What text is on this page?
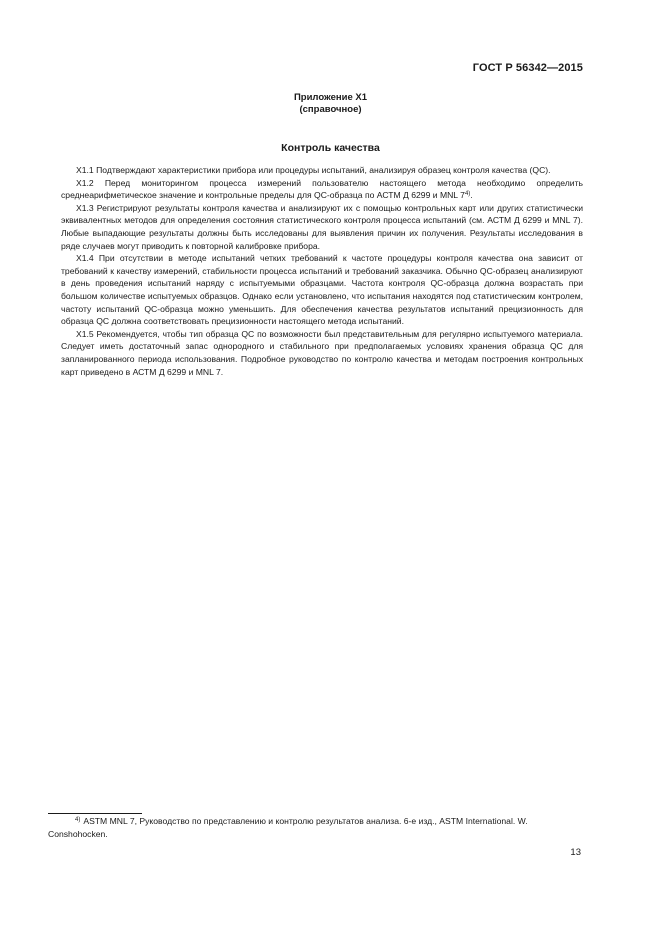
ГОСТ Р 56342—2015
Приложение X1
(справочное)
Контроль качества

X1.1 Подтверждают характеристики прибора или процедуры испытаний, анализируя образец контроля качества (QC).

X1.2 Перед мониторингом процесса измерений пользователю настоящего метода необходимо определить среднеарифметическое значение и контрольные пределы для QC-образца по АСТМ Д 6299 и MNL 7$^{4)}$.

X1.3 Регистрируют результаты контроля качества и анализируют их с помощью контрольных карт или других статистически эквивалентных методов для определения состояния статистического контроля процесса испытаний (см. АСТМ Д 6299 и MNL 7). Любые выпадающие результаты должны быть исследованы для выявления причин их получения. Результаты исследования в ряде случаев могут приводить к повторной калибровке прибора.

X1.4 При отсутствии в методе испытаний четких требований к частоте процедуры контроля качества она зависит от требований к качеству измерений, стабильности процесса испытаний и требований заказчика. Обычно QC-образец анализируют в день проведения испытаний наряду с испытуемыми образцами. Частота контроля QC-образца должна возрастать при большом количестве испытуемых образцов. Однако если установлено, что испытания находятся под статистическим контролем, частоту испытаний QC-образца можно уменьшить. Для обеспечения качества результатов испытаний прецизионность для образца QC должна соответствовать прецизионности настоящего метода испытаний.

X1.5 Рекомендуется, чтобы тип образца QC по возможности был представительным для регулярно испытуемого материала. Следует иметь достаточный запас однородного и стабильного при предполагаемых условиях хранения образца QC для запланированного периода использования. Подробное руководство по контролю качества и методам построения контрольных карт приведено в АСТМ Д 6299 и MNL 7.

$^{4)}$ ASTM MNL 7, Руководство по представлению и контролю результатов анализа. 6-е изд., ASTM International. W. Conshohocken.
13
